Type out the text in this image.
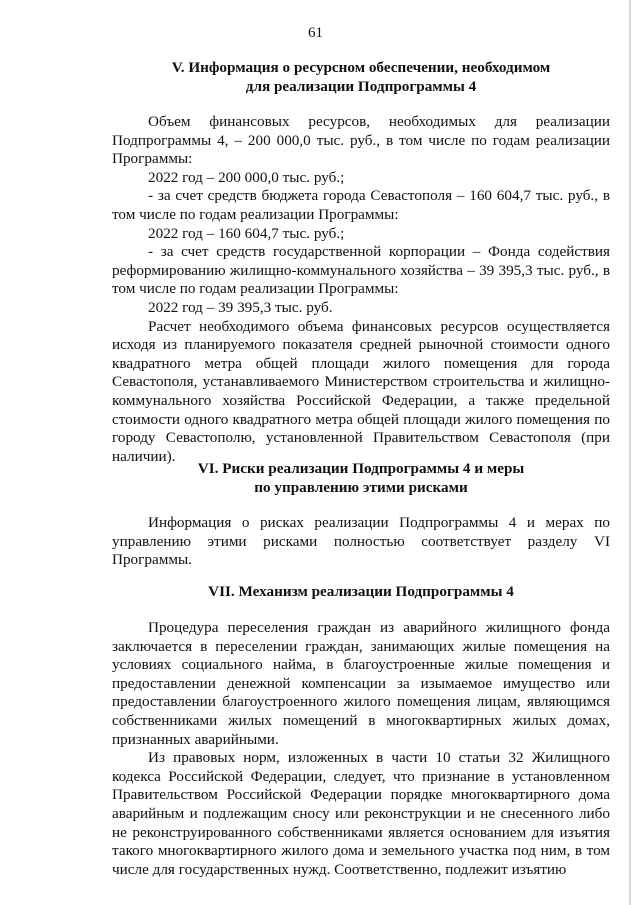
61

V. Информация о ресурсном обеспечении, необходимом

для реализации Подпрограммы 4

Объем финансовых ресурсов, необходимых для реализации Подпрограммы 4, – 200 000,0 тыс. руб., в том числе по годам реализации Программы:

2022 год – 200 000,0 тыс. руб.;

- за счет средств бюджета города Севастополя – 160 604,7 тыс. руб., в том числе по годам реализации Программы:

2022 год – 160 604,7 тыс. руб.;

- за счет средств государственной корпорации – Фонда содействия реформированию жилищно-коммунального хозяйства – 39 395,3 тыс. руб., в том числе по годам реализации Программы:

2022 год – 39 395,3 тыс. руб.

Расчет необходимого объема финансовых ресурсов осуществляется исходя из планируемого показателя средней рыночной стоимости одного квадратного метра общей площади жилого помещения для города Севастополя, устанавливаемого Министерством строительства и жилищно-коммунального хозяйства Российской Федерации, а также предельной стоимости одного квадратного метра общей площади жилого помещения по городу Севастополю, установленной Правительством Севастополя (при наличии).

VI. Риски реализации Подпрограммы 4 и меры

по управлению этими рисками

Информация о рисках реализации Подпрограммы 4 и мерах по управлению этими рисками полностью соответствует разделу VI Программы.

VII. Механизм реализации Подпрограммы 4

Процедура переселения граждан из аварийного жилищного фонда заключается в переселении граждан, занимающих жилые помещения на условиях социального найма, в благоустроенные жилые помещения и предоставлении денежной компенсации за изымаемое имущество или предоставлении благоустроенного жилого помещения лицам, являющимся собственниками жилых помещений в многоквартирных жилых домах, признанных аварийными.

Из правовых норм, изложенных в части 10 статьи 32 Жилищного кодекса Российской Федерации, следует, что признание в установленном Правительством Российской Федерации порядке многоквартирного дома аварийным и подлежащим сносу или реконструкции и не снесенного либо не реконструированного собственниками является основанием для изъятия такого многоквартирного жилого дома и земельного участка под ним, в том числе для государственных нужд. Соответственно, подлежит изъятию
